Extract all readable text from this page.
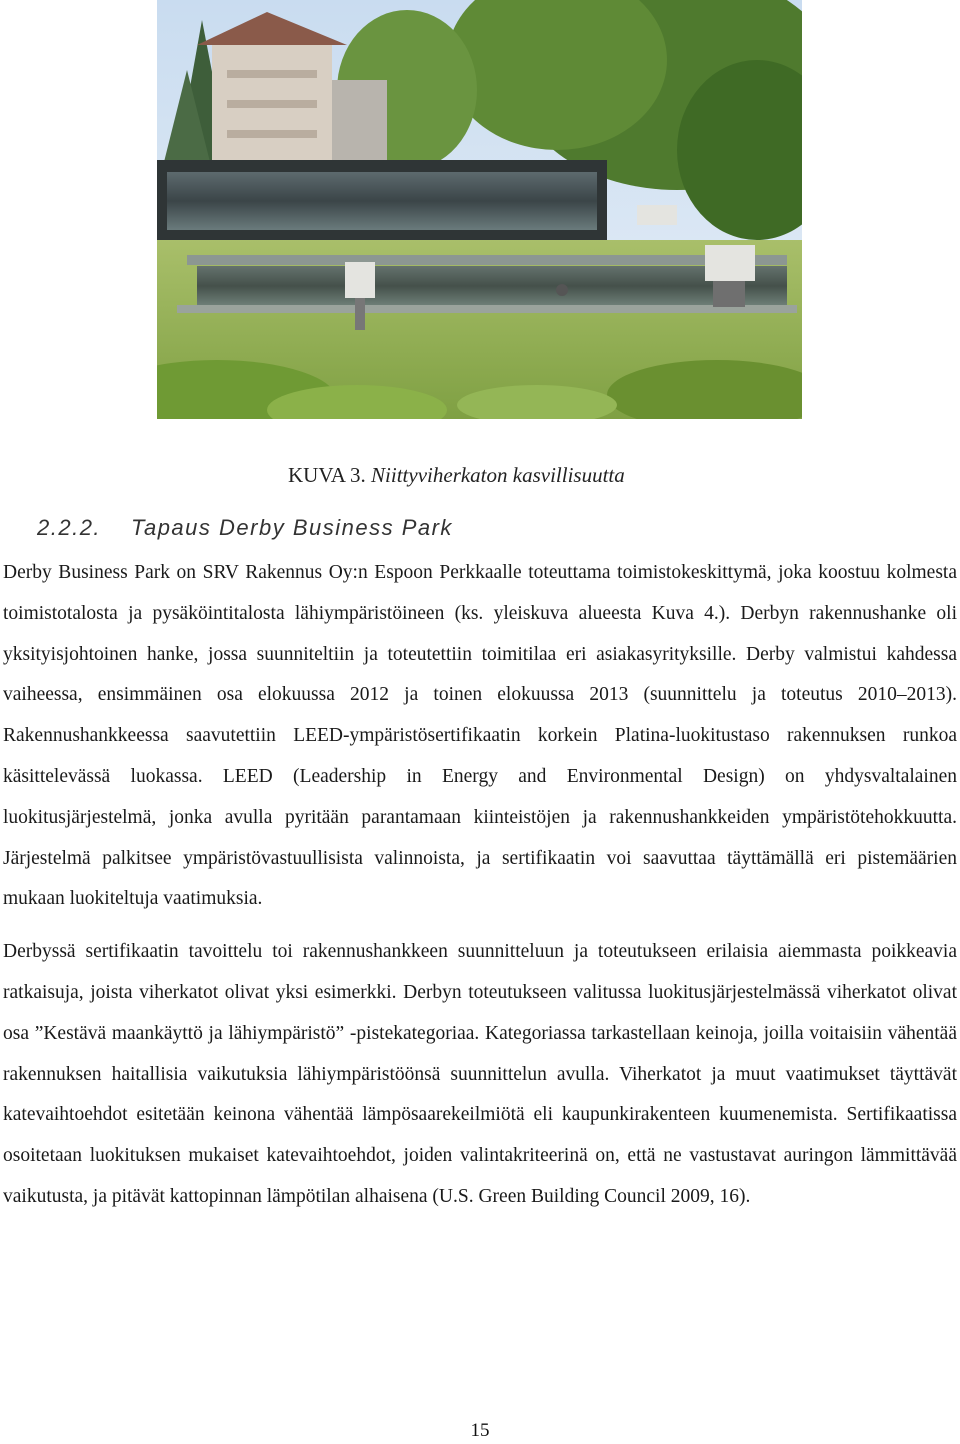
KUVA 3. Niittyviherkaton kasvillisuutta
2.2.2. Tapaus Derby Business Park

Derby Business Park on SRV Rakennus Oy:n Espoon Perkkaalle toteuttama toimistokeskittymä, joka koostuu kolmesta toimistotalosta ja pysäköintitalosta lähiympäristöineen (ks. yleiskuva alueesta Kuva 4.). Derbyn rakennushanke oli yksityisjohtoinen hanke, jossa suunniteltiin ja toteutettiin toimitilaa eri asiakasyrityksille. Derby valmistui kahdessa vaiheessa, ensimmäinen osa elokuussa 2012 ja toinen elokuussa 2013 (suunnittelu ja toteutus 2010–2013). Rakennushankkeessa saavutettiin LEED-ympäristösertifikaatin korkein Platina-luokitustaso rakennuksen runkoa käsittelevässä luokassa. LEED (Leadership in Energy and Environmental Design) on yhdysvaltalainen luokitusjärjestelmä, jonka avulla pyritään parantamaan kiinteistöjen ja rakennushankkeiden ympäristötehokkuutta. Järjestelmä palkitsee ympäristövastuullisista valinnoista, ja sertifikaatin voi saavuttaa täyttämällä eri pistemäärien mukaan luokiteltuja vaatimuksia.

Derbyssä sertifikaatin tavoittelu toi rakennushankkeen suunnitteluun ja toteutukseen erilaisia aiemmasta poikkeavia ratkaisuja, joista viherkatot olivat yksi esimerkki. Derbyn toteutukseen valitussa luokitusjärjestelmässä viherkatot olivat osa ”Kestävä maankäyttö ja lähiympäristö” -pistekategoriaa. Kategoriassa tarkastellaan keinoja, joilla voitaisiin vähentää rakennuksen haitallisia vaikutuksia lähiympäristöönsä suunnittelun avulla. Viherkatot ja muut vaatimukset täyttävät katevaihtoehdot esitetään keinona vähentää lämpösaarekeilmiötä eli kaupunkirakenteen kuumenemista. Sertifikaatissa osoitetaan luokituksen mukaiset katevaihtoehdot, joiden valintakriteerinä on, että ne vastustavat auringon lämmittävää vaikutusta, ja pitävät kattopinnan lämpötilan alhaisena (U.S. Green Building Council 2009, 16).

15
